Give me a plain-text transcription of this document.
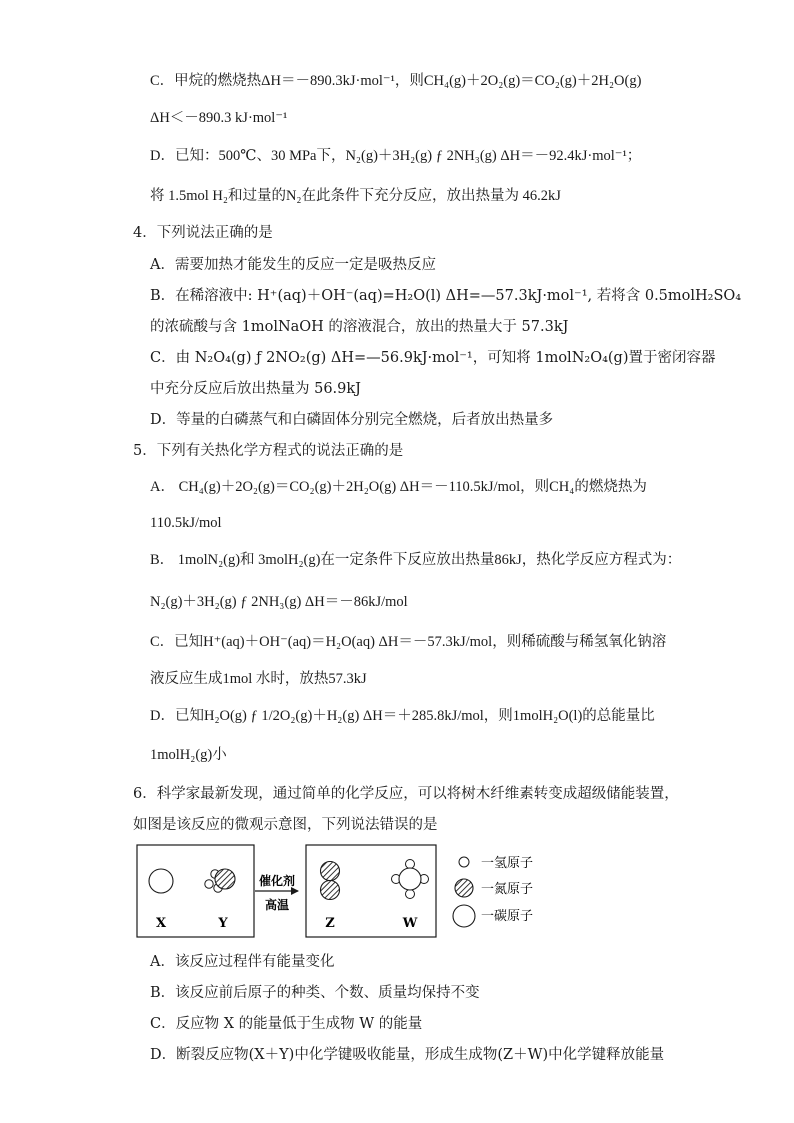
C．甲烷的燃烧热ΔH＝－890.3kJ·mol⁻¹，则CH₄(g)＋2O₂(g)＝CO₂(g)＋2H₂O(g)
ΔH＜－890.3 kJ·mol⁻¹
D．已知：500℃、30 MPa下，N₂(g)＋3H₂(g) ƒ 2NH₃(g) ΔH＝－92.4kJ·mol⁻¹；
将 1.5mol H₂和过量的N₂在此条件下充分反应，放出热量为 46.2kJ
4．下列说法正确的是
A．需要加热才能发生的反应一定是吸热反应
B．在稀溶液中: H⁺(aq)＋OH⁻(aq)=H₂O(l) ΔH=—57.3kJ·mol⁻¹, 若将含 0.5molH₂SO₄
的浓硫酸与含 1molNaOH 的溶液混合，放出的热量大于 57.3kJ
C．由 N₂O₄(g) ƒ 2NO₂(g) ΔH=—56.9kJ·mol⁻¹，可知将 1molN₂O₄(g)置于密闭容器
中充分反应后放出热量为 56.9kJ
D．等量的白磷蒸气和白磷固体分别完全燃烧，后者放出热量多
5．下列有关热化学方程式的说法正确的是
A． CH₄(g)＋2O₂(g)＝CO₂(g)＋2H₂O(g) ΔH＝－110.5kJ/mol，则CH₄的燃烧热为
110.5kJ/mol
B． 1molN₂(g)和 3molH₂(g)在一定条件下反应放出热量86kJ，热化学反应方程式为：
N₂(g)＋3H₂(g) ƒ 2NH₃(g) ΔH＝－86kJ/mol
C．已知H⁺(aq)＋OH⁻(aq)＝H₂O(aq) ΔH＝－57.3kJ/mol，则稀硫酸与稀氢氧化钠溶
液反应生成1mol 水时，放热57.3kJ
D．已知H₂O(g) ƒ 1/2O₂(g)＋H₂(g) ΔH＝＋285.8kJ/mol，则1molH₂O(l)的总能量比
1molH₂(g)小
6．科学家最新发现，通过简单的化学反应，可以将树木纤维素转变成超级储能装置，
如图是该反应的微观示意图，下列说法错误的是
X	Y
催化剂
高温
Z	W
一氢原子
一氮原子
一碳原子
A．该反应过程伴有能量变化
B．该反应前后原子的种类、个数、质量均保持不变
C．反应物 X 的能量低于生成物 W 的能量
D．断裂反应物(X＋Y)中化学键吸收能量，形成生成物(Z＋W)中化学键释放能量
